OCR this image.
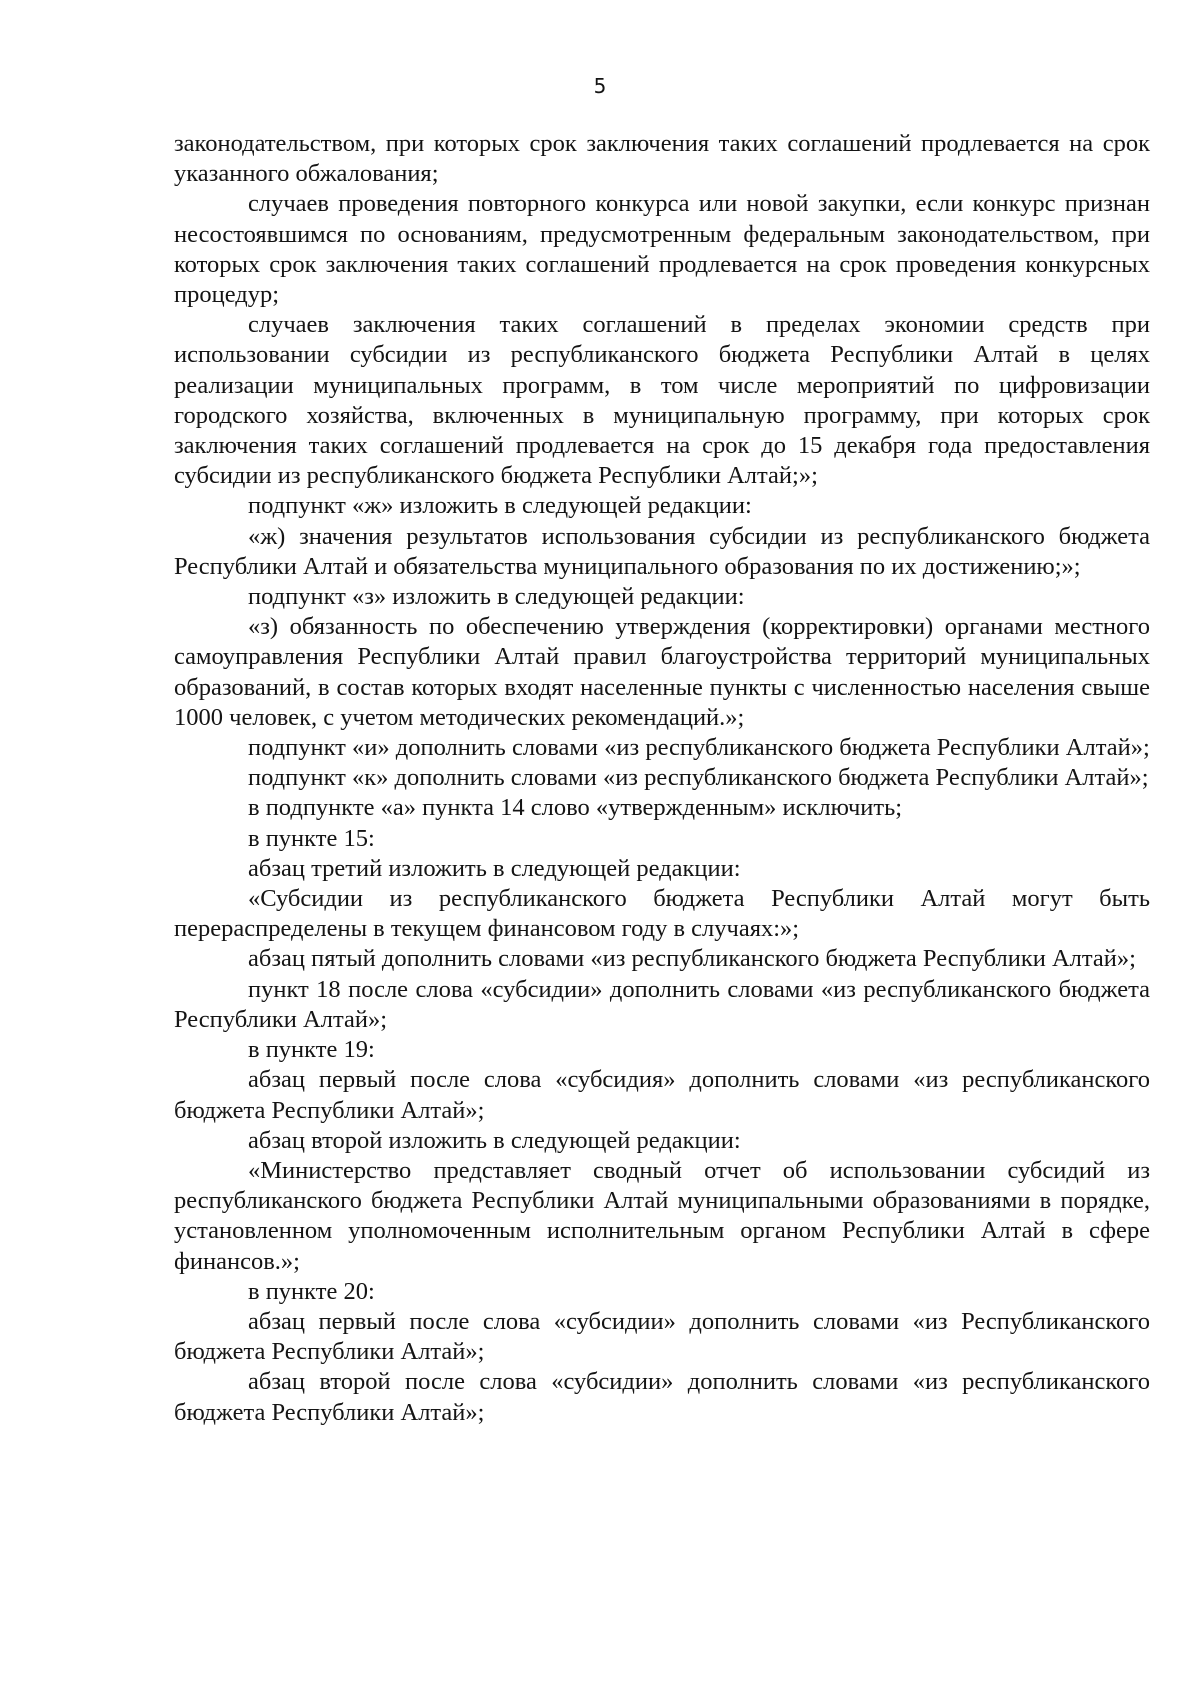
5

законодательством, при которых срок заключения таких соглашений продлевается на срок указанного обжалования;

случаев проведения повторного конкурса или новой закупки, если конкурс признан несостоявшимся по основаниям, предусмотренным федеральным законодательством, при которых срок заключения таких соглашений продлевается на срок проведения конкурсных процедур;

случаев заключения таких соглашений в пределах экономии средств при использовании субсидии из республиканского бюджета Республики Алтай в целях реализации муниципальных программ, в том числе мероприятий по цифровизации городского хозяйства, включенных в муниципальную программу, при которых срок заключения таких соглашений продлевается на срок до 15 декабря года предоставления субсидии из республиканского бюджета Республики Алтай;»;

подпункт «ж» изложить в следующей редакции:

«ж) значения результатов использования субсидии из республиканского бюджета Республики Алтай и обязательства муниципального образования по их достижению;»;

подпункт «з» изложить в следующей редакции:

«з) обязанность по обеспечению утверждения (корректировки) органами местного самоуправления Республики Алтай правил благоустройства территорий муниципальных образований, в состав которых входят населенные пункты с численностью населения свыше 1000 человек, с учетом методических рекомендаций.»;

подпункт «и» дополнить словами «из республиканского бюджета Республики Алтай»;

подпункт «к» дополнить словами «из республиканского бюджета Республики Алтай»;

в подпункте «а» пункта 14 слово «утвержденным» исключить;

в пункте 15:

абзац третий изложить в следующей редакции:

«Субсидии из республиканского бюджета Республики Алтай могут быть перераспределены в текущем финансовом году в случаях:»;

абзац пятый дополнить словами «из республиканского бюджета Республики Алтай»;

пункт 18 после слова «субсидии» дополнить словами «из республиканского бюджета Республики Алтай»;

в пункте 19:

абзац первый после слова «субсидия» дополнить словами «из республиканского бюджета Республики Алтай»;

абзац второй изложить в следующей редакции:

«Министерство представляет сводный отчет об использовании субсидий из республиканского бюджета Республики Алтай муниципальными образованиями в порядке, установленном уполномоченным исполнительным органом Республики Алтай в сфере финансов.»;

в пункте 20:

абзац первый после слова «субсидии» дополнить словами «из Республиканского бюджета Республики Алтай»;

абзац второй после слова «субсидии» дополнить словами «из республиканского бюджета Республики Алтай»;
